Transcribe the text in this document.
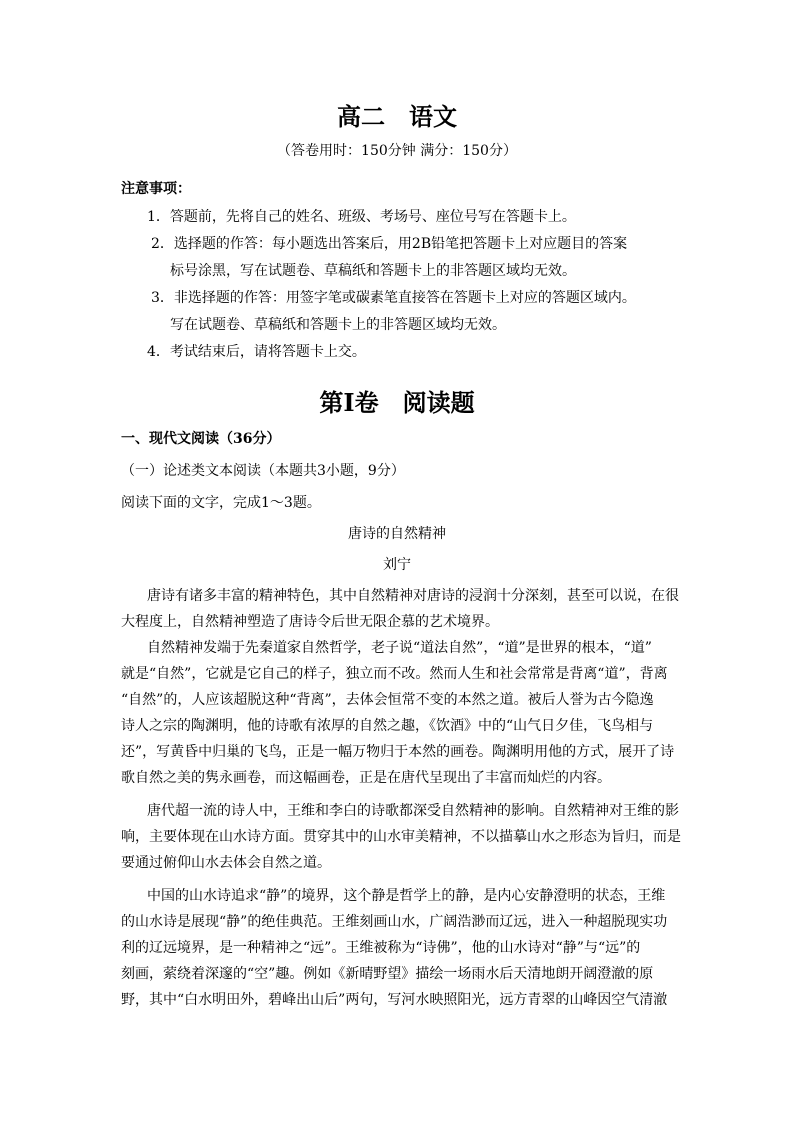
高二 语文
（答卷用时：150分钟 满分：150分）
注意事项：
1．答题前，先将自己的姓名、班级、考场号、座位号写在答题卡上。
2．选择题的作答：每小题选出答案后，用2B铅笔把答题卡上对应题目的答案
标号涂黑，写在试题卷、草稿纸和答题卡上的非答题区域均无效。
3．非选择题的作答：用签字笔或碳素笔直接答在答题卡上对应的答题区域内。
写在试题卷、草稿纸和答题卡上的非答题区域均无效。
4．考试结束后，请将答题卡上交。
第Ⅰ卷 阅读题
一、现代文阅读（36分）
（一）论述类文本阅读（本题共3小题，9分）
阅读下面的文字，完成1～3题。
唐诗的自然精神
刘宁
唐诗有诸多丰富的精神特色，其中自然精神对唐诗的浸润十分深刻，甚至可以说，在很
大程度上，自然精神塑造了唐诗令后世无限企慕的艺术境界。
自然精神发端于先秦道家自然哲学，老子说“道法自然”，“道”是世界的根本，“道”
就是“自然”，它就是它自己的样子，独立而不改。然而人生和社会常常是背离“道”，背离
“自然”的，人应该超脱这种“背离”，去体会恒常不变的本然之道。被后人誉为古今隐逸
诗人之宗的陶渊明，他的诗歌有浓厚的自然之趣，《饮酒》中的“山气日夕佳，飞鸟相与
还”，写黄昏中归巢的飞鸟，正是一幅万物归于本然的画卷。陶渊明用他的方式，展开了诗
歌自然之美的隽永画卷，而这幅画卷，正是在唐代呈现出了丰富而灿烂的内容。
唐代超一流的诗人中，王维和李白的诗歌都深受自然精神的影响。自然精神对王维的影
响，主要体现在山水诗方面。贯穿其中的山水审美精神，不以描摹山水之形态为旨归，而是
要通过俯仰山水去体会自然之道。
中国的山水诗追求“静”的境界，这个静是哲学上的静，是内心安静澄明的状态，王维
的山水诗是展现“静”的绝佳典范。王维刻画山水，广阔浩渺而辽远，进入一种超脱现实功
利的辽远境界，是一种精神之“远”。王维被称为“诗佛”，他的山水诗对“静”与“远”的
刻画，萦绕着深邃的“空”趣。例如《新晴野望》描绘一场雨水后天清地朗开阔澄澈的原
野，其中“白水明田外，碧峰出山后”两句，写河水映照阳光，远方青翠的山峰因空气清澈
